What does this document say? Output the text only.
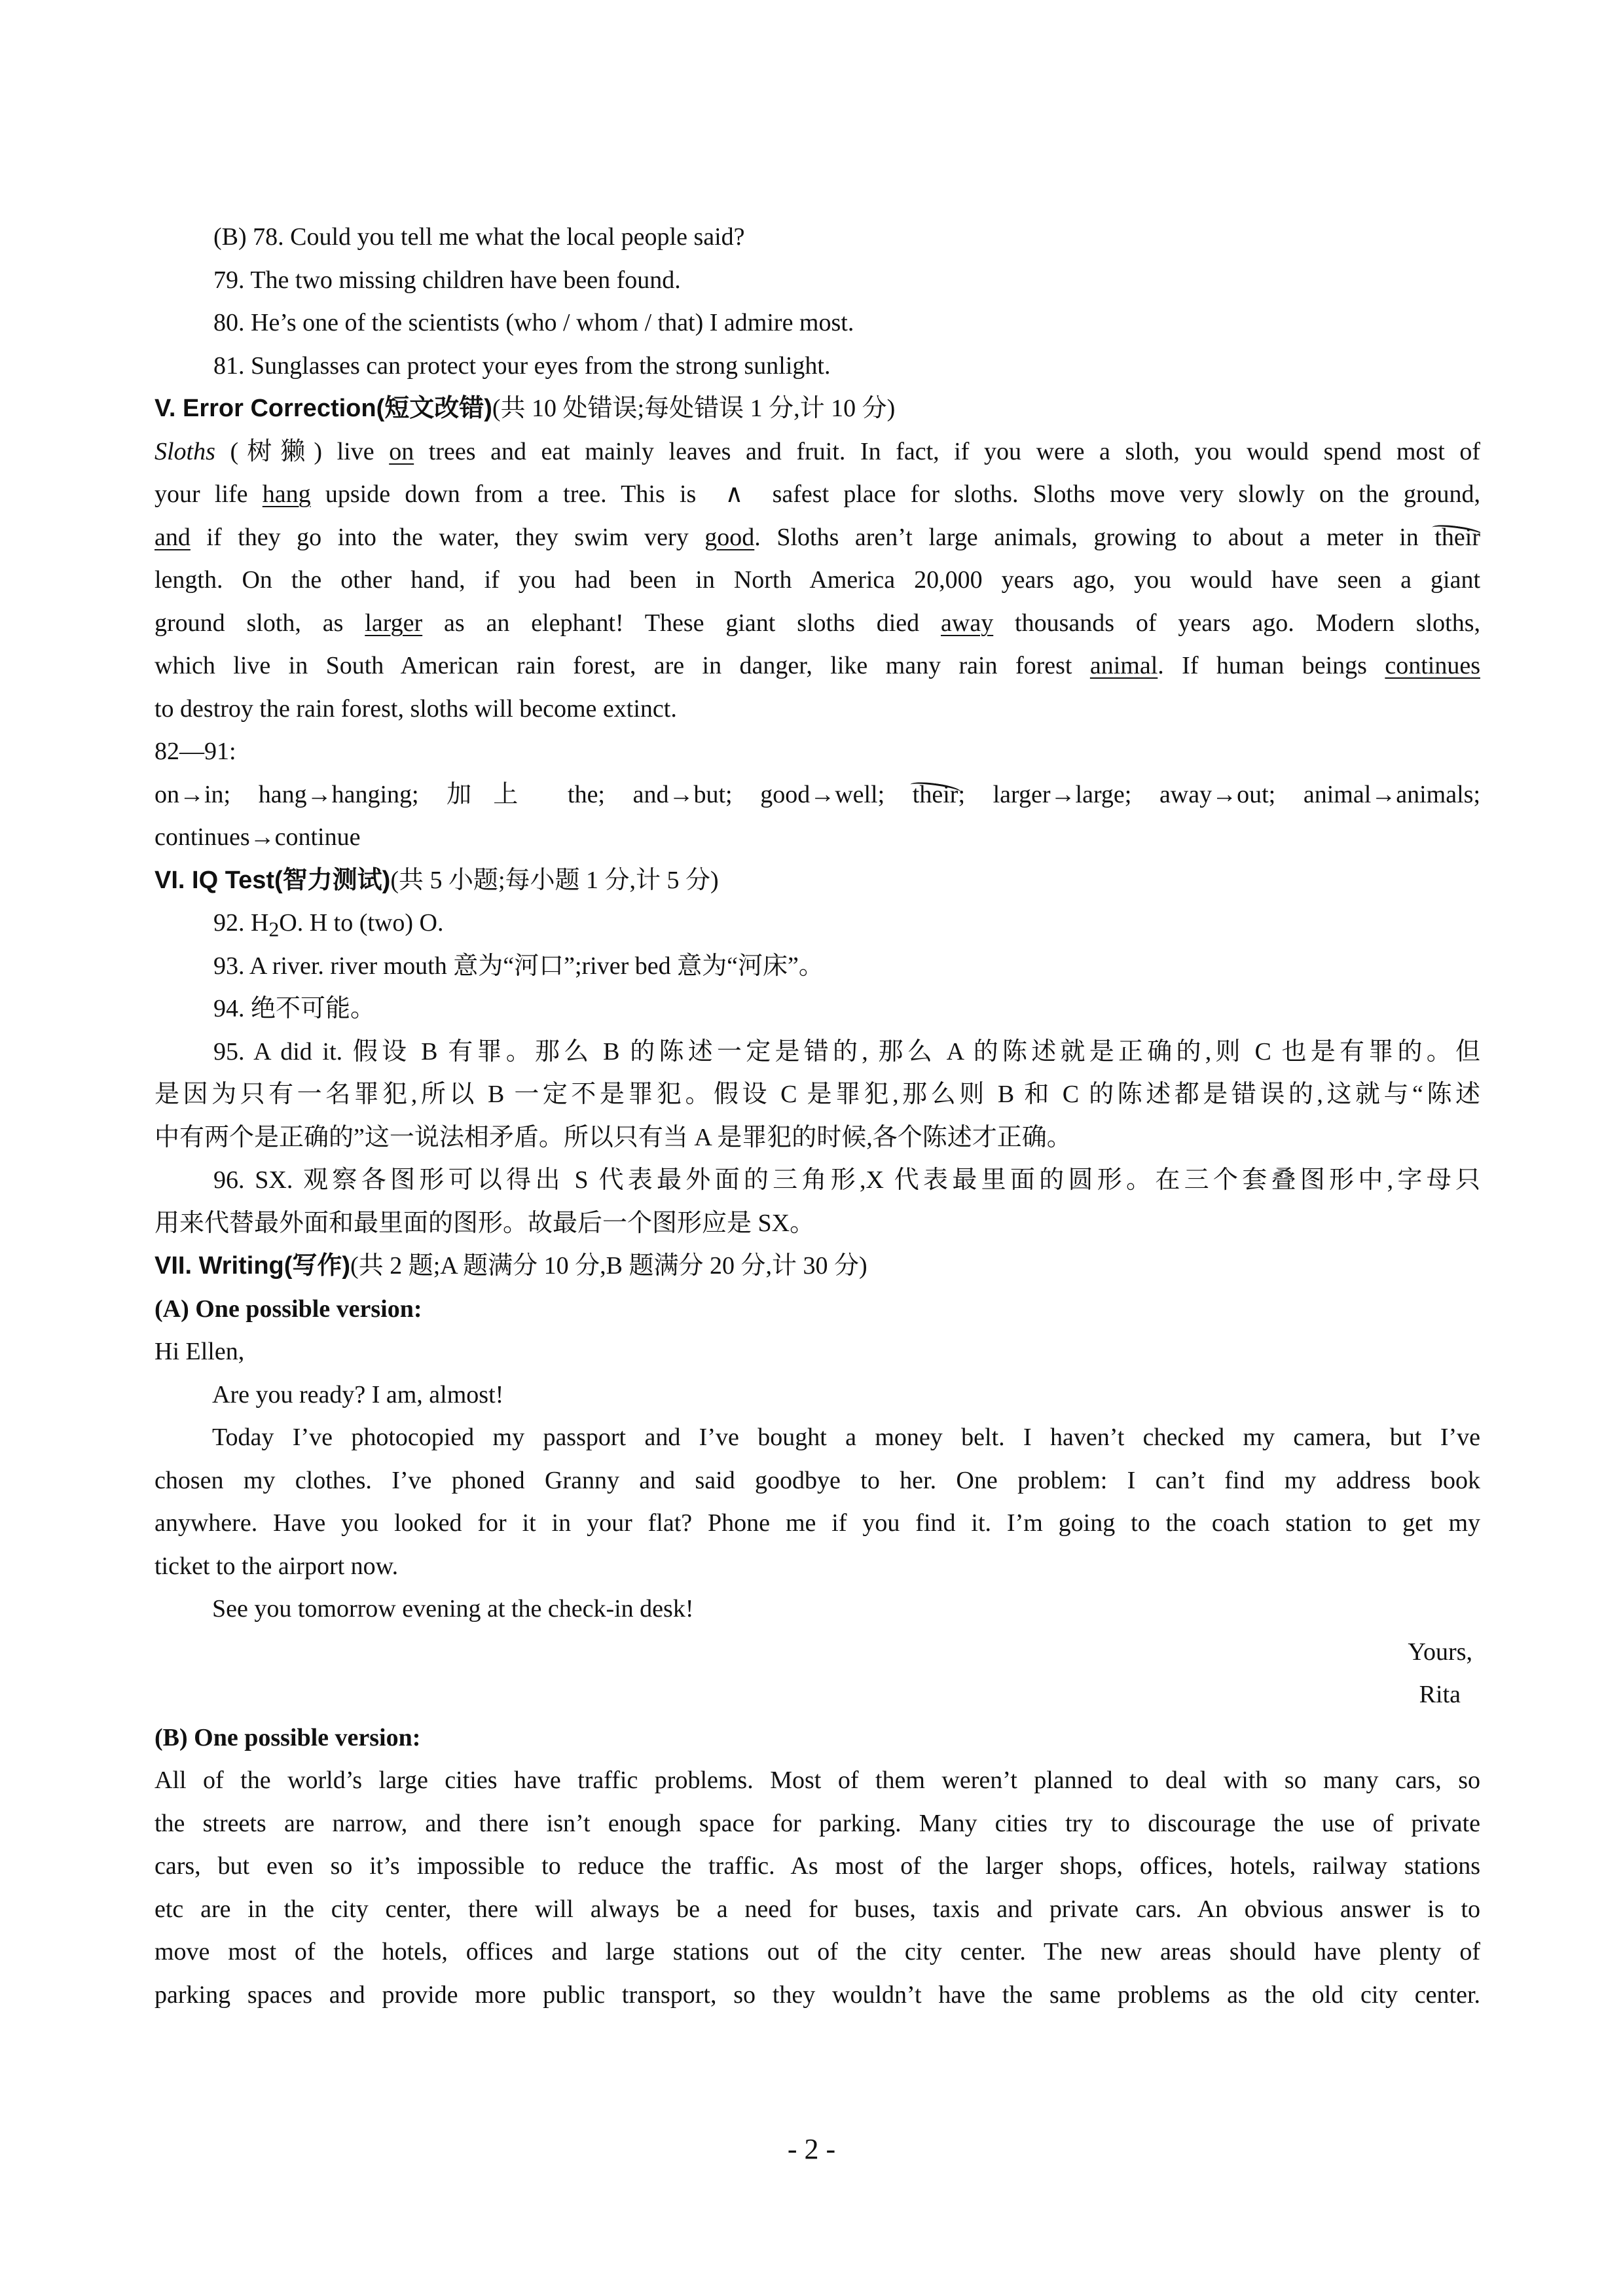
(B) 78. Could you tell me what the local people said?
79. The two missing children have been found.
80. He’s one of the scientists (who / whom / that) I admire most.
81. Sunglasses can protect your eyes from the strong sunlight.
V. Error Correction(短文改错)(共 10 处错误;每处错误 1 分,计 10 分)
Sloths (树獭) live on trees and eat mainly leaves and fruit. In fact, if you were a sloth, you would spend most of
your life hang upside down from a tree. This is ∧ safest place for sloths. Sloths move very slowly on the ground,
and if they go into the water, they swim very good. Sloths aren’t large animals, growing to about a meter in their
length. On the other hand, if you had been in North America 20,000 years ago, you would have seen a giant
ground sloth, as larger as an elephant! These giant sloths died away thousands of years ago. Modern sloths,
which live in South American rain forest, are in danger, like many rain forest animal. If human beings continues
to destroy the rain forest, sloths will become extinct.
82—91:
on→in; hang→hanging; 加上 the; and→but; good→well; their; larger→large; away→out; animal→animals;
continues→continue
VI. IQ Test(智力测试)(共 5 小题;每小题 1 分,计 5 分)
92. $H_2O$. H to (two) O.
93. A river. river mouth 意为“河口”;river bed 意为“河床”。
94. 绝不可能。
95. A did it. 假设 B 有罪。那么 B 的陈述一定是错的, 那么 A 的陈述就是正确的,则 C 也是有罪的。但
是因为只有一名罪犯,所以 B 一定不是罪犯。假设 C 是罪犯,那么则 B 和 C 的陈述都是错误的,这就与“陈述
中有两个是正确的”这一说法相矛盾。所以只有当 A 是罪犯的时候,各个陈述才正确。
96. SX. 观察各图形可以得出 S 代表最外面的三角形,X 代表最里面的圆形。在三个套叠图形中,字母只
用来代替最外面和最里面的图形。故最后一个图形应是 SX。
VII. Writing(写作)(共 2 题;A 题满分 10 分,B 题满分 20 分,计 30 分)
(A) One possible version:
Hi Ellen,
Are you ready? I am, almost!
Today I’ve photocopied my passport and I’ve bought a money belt. I haven’t checked my camera, but I’ve
chosen my clothes. I’ve phoned Granny and said goodbye to her. One problem: I can’t find my address book
anywhere. Have you looked for it in your flat? Phone me if you find it. I’m going to the coach station to get my
ticket to the airport now.
See you tomorrow evening at the check-in desk!
Yours,
Rita
(B) One possible version:
All of the world’s large cities have traffic problems. Most of them weren’t planned to deal with so many cars, so
the streets are narrow, and there isn’t enough space for parking. Many cities try to discourage the use of private
cars, but even so it’s impossible to reduce the traffic. As most of the larger shops, offices, hotels, railway stations
etc are in the city center, there will always be a need for buses, taxis and private cars. An obvious answer is to
move most of the hotels, offices and large stations out of the city center. The new areas should have plenty of
parking spaces and provide more public transport, so they wouldn’t have the same problems as the old city center.
- 2 -
